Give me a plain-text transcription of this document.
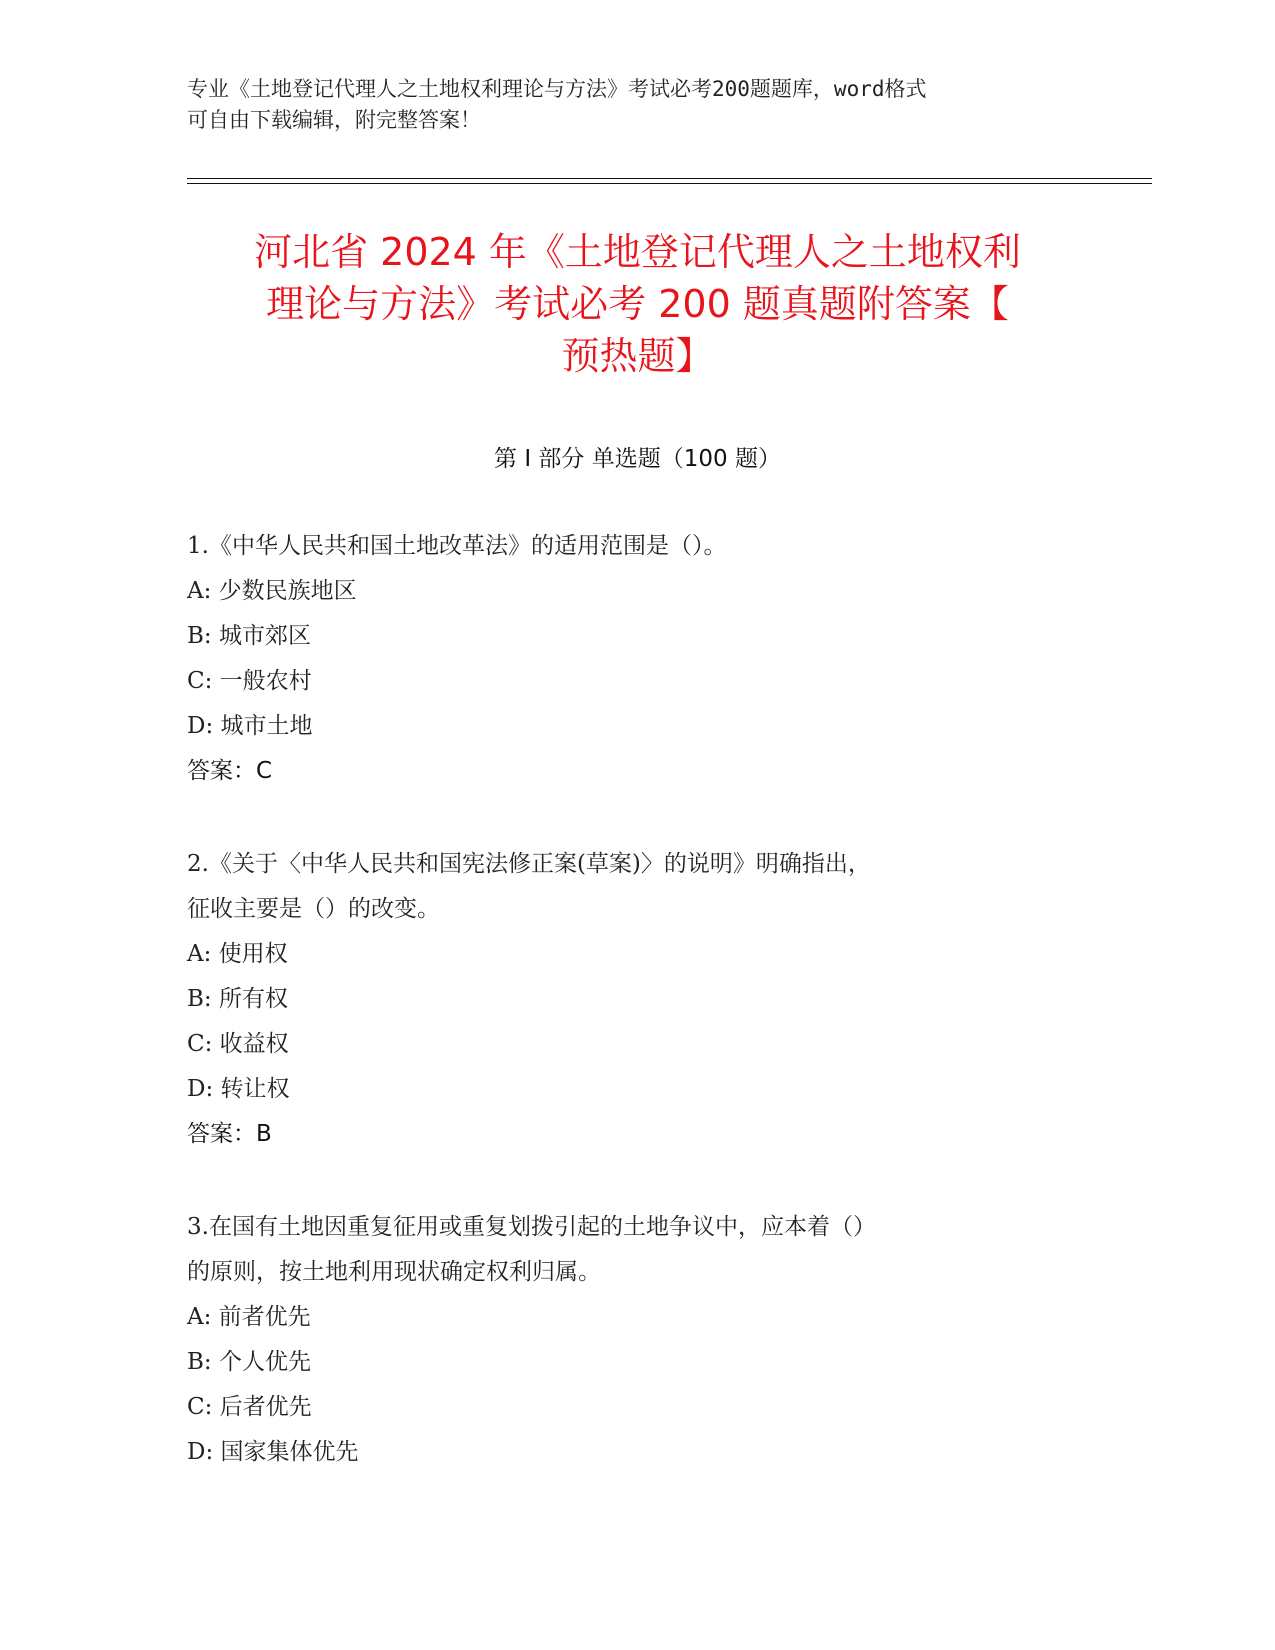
专业《土地登记代理人之土地权利理论与方法》考试必考200题题库，word格式
可自由下载编辑，附完整答案！
河北省 2024 年《土地登记代理人之土地权利
理论与方法》考试必考 200 题真题附答案【
预热题】
第 I 部分 单选题（100 题）
1.《中华人民共和国土地改革法》的适用范围是（）。
A: 少数民族地区
B: 城市郊区
C: 一般农村
D: 城市土地
答案：C
2.《关于〈中华人民共和国宪法修正案(草案)〉的说明》明确指出，
征收主要是（）的改变。
A: 使用权
B: 所有权
C: 收益权
D: 转让权
答案：B
3.在国有土地因重复征用或重复划拨引起的土地争议中，应本着（）
的原则，按土地利用现状确定权利归属。
A: 前者优先
B: 个人优先
C: 后者优先
D: 国家集体优先
